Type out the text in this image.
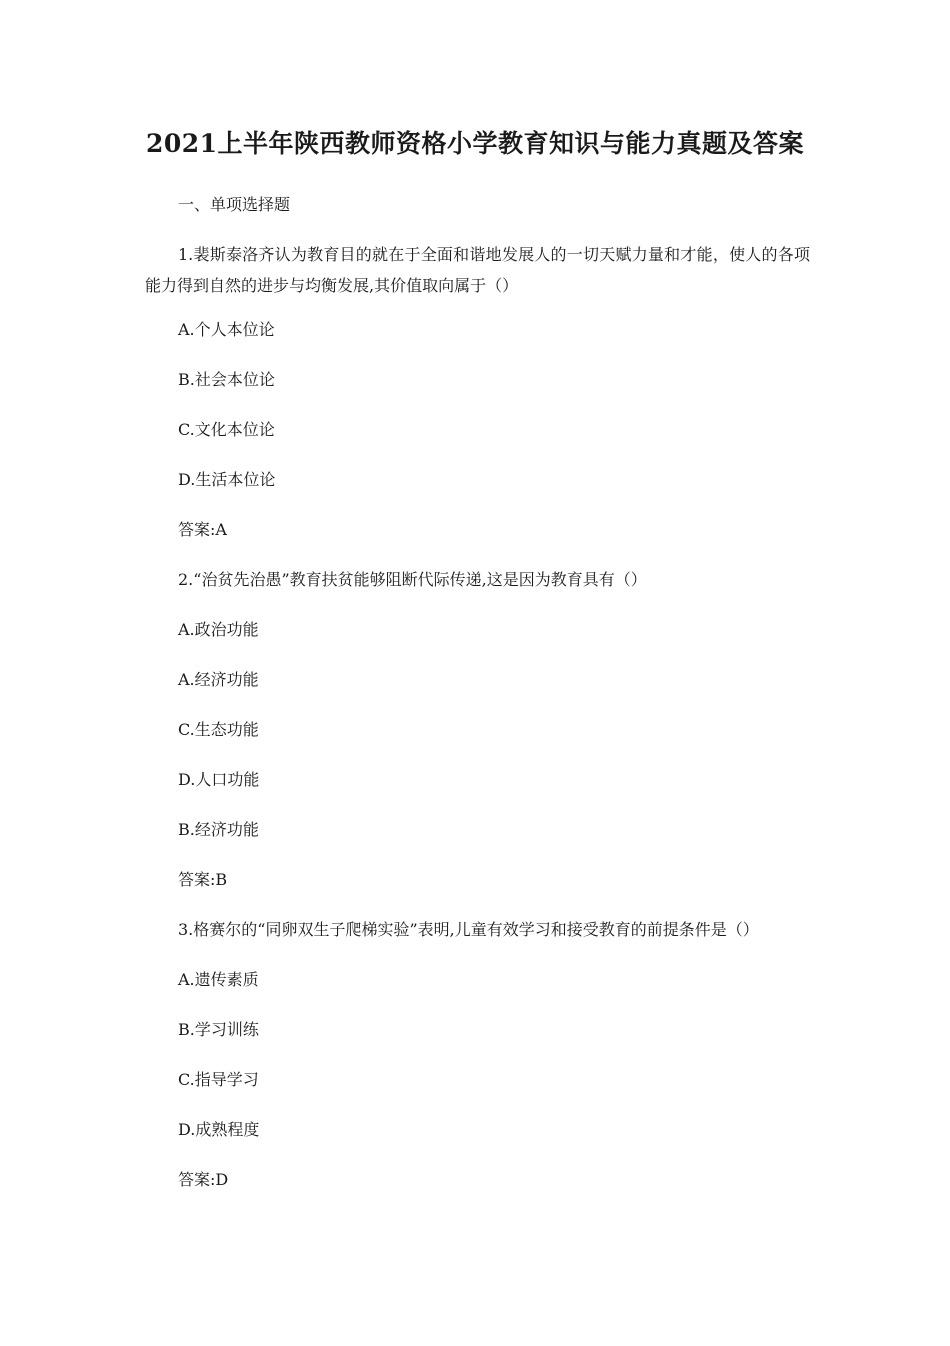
2021上半年陕西教师资格小学教育知识与能力真题及答案
一、单项选择题
1.裴斯泰洛齐认为教育目的就在于全面和谐地发展人的一切天赋力量和才能，使人的各项能力得到自然的进步与均衡发展,其价值取向属于（）
A.个人本位论
B.社会本位论
C.文化本位论
D.生活本位论
答案:A
2.“治贫先治愚”教育扶贫能够阻断代际传递,这是因为教育具有（）
A.政治功能
A.经济功能
C.生态功能
D.人口功能
B.经济功能
答案:B
3.格赛尔的“同卵双生子爬梯实验”表明,儿童有效学习和接受教育的前提条件是（）
A.遗传素质
B.学习训练
C.指导学习
D.成熟程度
答案:D
